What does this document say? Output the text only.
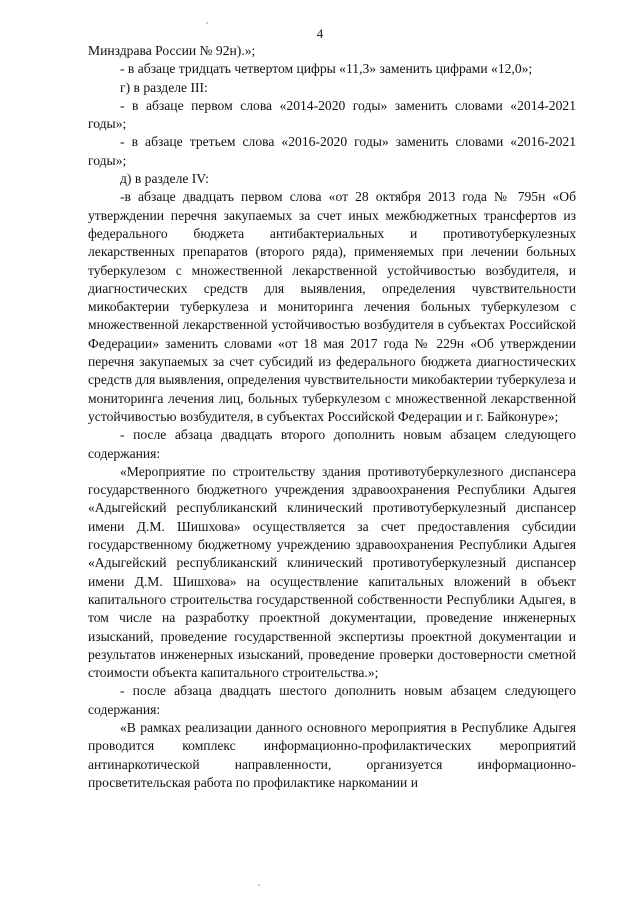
4

Минздрава России № 92н).»;

- в абзаце тридцать четвертом цифры «11,3» заменить цифрами «12,0»;

г) в разделе III:

- в абзаце первом слова «2014-2020 годы» заменить словами «2014-2021 годы»;

- в абзаце третьем слова «2016-2020 годы» заменить словами «2016-2021 годы»;

д) в разделе IV:

-в абзаце двадцать первом слова «от 28 октября 2013 года № 795н «Об утверждении перечня закупаемых за счет иных межбюджетных трансфертов из федерального бюджета антибактериальных и противотуберкулезных лекарственных препаратов (второго ряда), применяемых при лечении больных туберкулезом с множественной лекарственной устойчивостью возбудителя, и диагностических средств для выявления, определения чувствительности микобактерии туберкулеза и мониторинга лечения больных туберкулезом с множественной лекарственной устойчивостью возбудителя в субъектах Российской Федерации» заменить словами «от 18 мая 2017 года № 229н «Об утверждении перечня закупаемых за счет субсидий из федерального бюджета диагностических средств для выявления, определения чувствительности микобактерии туберкулеза и мониторинга лечения лиц, больных туберкулезом с множественной лекарственной устойчивостью возбудителя, в субъектах Российской Федерации и г. Байконуре»;

- после абзаца двадцать второго дополнить новым абзацем следующего содержания:

«Мероприятие по строительству здания противотуберкулезного диспансера государственного бюджетного учреждения здравоохранения Республики Адыгея «Адыгейский республиканский клинический противотуберкулезный диспансер имени Д.М. Шишхова» осуществляется за счет предоставления субсидии государственному бюджетному учреждению здравоохранения Республики Адыгея «Адыгейский республиканский клинический противотуберкулезный диспансер имени Д.М. Шишхова» на осуществление капитальных вложений в объект капитального строительства государственной собственности Республики Адыгея, в том числе на разработку проектной документации, проведение инженерных изысканий, проведение государственной экспертизы проектной документации и результатов инженерных изысканий, проведение проверки достоверности сметной стоимости объекта капитального строительства.»;

- после абзаца двадцать шестого дополнить новым абзацем следующего содержания:

«В рамках реализации данного основного мероприятия в Республике Адыгея проводится комплекс информационно-профилактических мероприятий антинаркотической направленности, организуется информационно-просветительская работа по профилактике наркомании и
